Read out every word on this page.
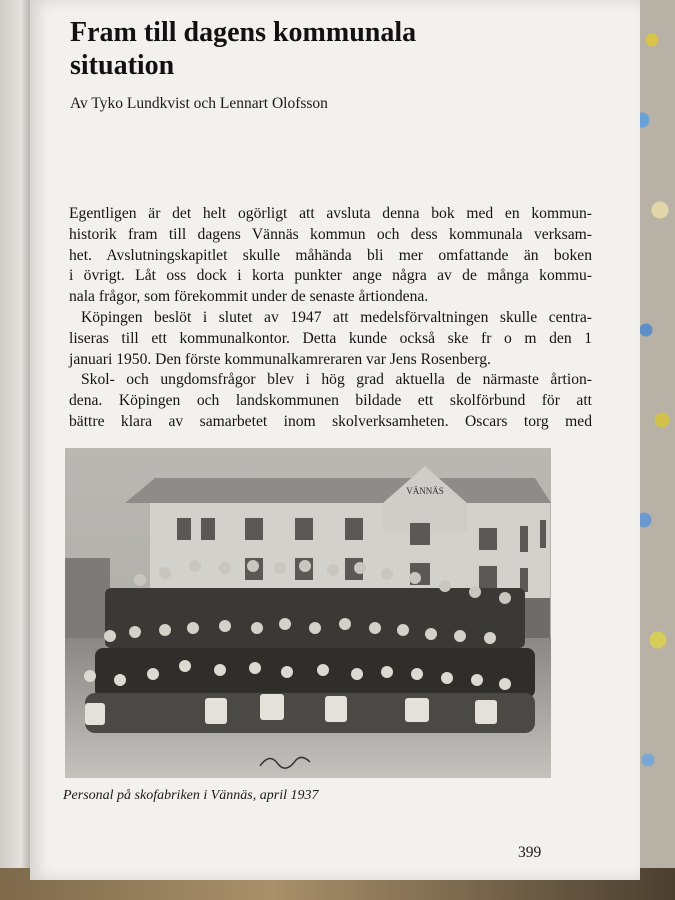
Fram till dagens kommunala
situation
Av Tyko Lundkvist och Lennart Olofsson
Egentligen är det helt ogörligt att avsluta denna bok med en kommun-
historik fram till dagens Vännäs kommun och dess kommunala verksam-
het. Avslutningskapitlet skulle måhända bli mer omfattande än boken
i övrigt. Låt oss dock i korta punkter ange några av de många kommu-
nala frågor, som förekommit under de senaste årtiondena.
Köpingen beslöt i slutet av 1947 att medelsförvaltningen skulle centra-
liseras till ett kommunalkontor. Detta kunde också ske fr o m den 1
januari 1950. Den förste kommunalkamreraren var Jens Rosenberg.
Skol- och ungdomsfrågor blev i hög grad aktuella de närmaste årtion-
dena. Köpingen och landskommunen bildade ett skolförbund för att
bättre klara av samarbetet inom skolverksamheten. Oscars torg med
VÄNNÄS
Personal på skofabriken i Vännäs, april 1937
399
